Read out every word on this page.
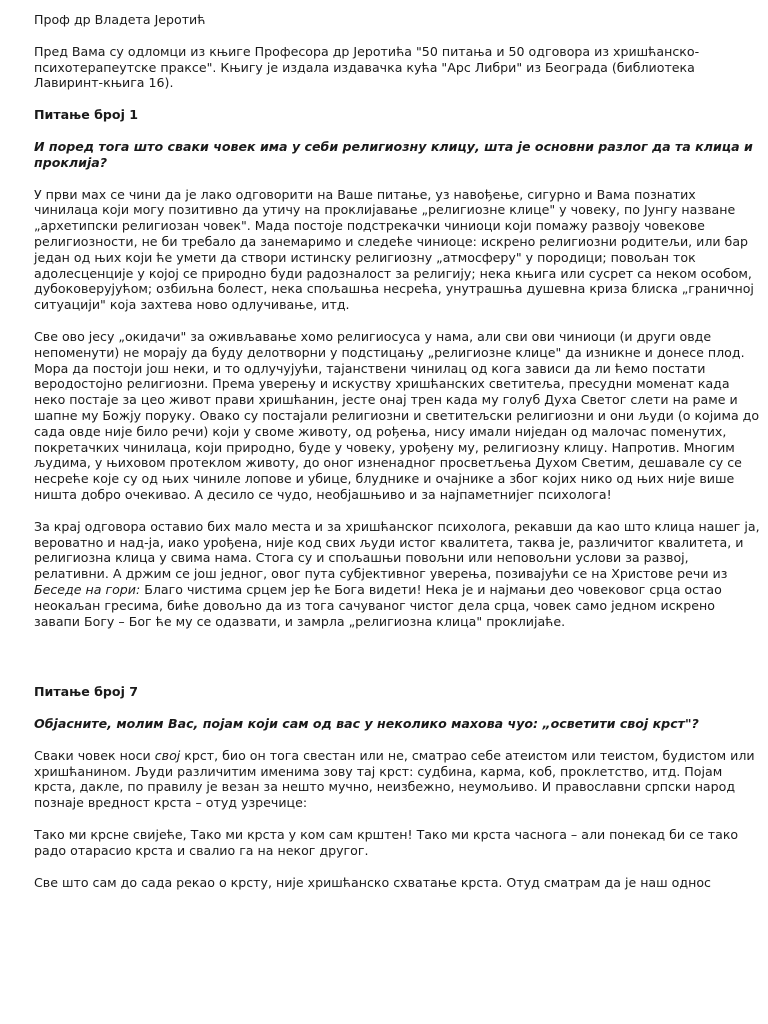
Проф др Владета Јеротић

Пред Вама су одломци из књиге Професора др Јеротића "50 питања и 50 одговора из хришћанско-психотерапеутске праксе". Књигу је издала издавачка кућа "Арс Либри" из Београда (библиотека Лавиринт-књига 16).

Питање број 1

И поред тога што сваки човек има у себи религиозну клицу, шта је основни разлог да та клица и проклија?

У први мах се чини да је лако одговорити на Ваше питање, уз навођење, сигурно и Вама познатих чинилаца који могу позитивно да утичу на проклијавање „религиозне клице" у човеку, по Јунгу назване „архетипски религиозан човек". Мада постоје подстрекачки чиниоци који помажу развоју човекове религиозности, не би требало да занемаримо и следеће чиниоце: искрено религиозни родитељи, или бар један од њих који ће умети да створи истинску религиозну „атмосферу" у породици; повољан ток адолесценције у којој се природно буди радозналост за религију; нека књига или сусрет са неком особом, дубоковерујућом; озбиљна болест, нека спољашња несрећа, унутрашња душевна криза блиска „граничној ситуацији" која захтева ново одлучивање, итд.

Све ово јесу „окидачи" за оживљавање хомо религиосуса у нама, али сви ови чиниоци (и други овде непоменути) не морају да буду делотворни у подстицању „религиозне клице" да изникне и донесе плод. Мора да постоји још неки, и то одлучујући, тајанствени чинилац од кога зависи да ли ћемо постати веродостојно религиозни. Према уверењу и искуству хришћанских светитеља, пресудни моменат када неко постаје за цео живот прави хришћанин, јесте онај трен када му голуб Духа Светог слети на раме и шапне му Божју поруку. Овако су постајали религиозни и светитељски религиозни и они људи (о којима до сада овде није било речи) који у своме животу, од рођења, нису имали ниједан од малочас поменутих, покретачких чинилаца, који природно, буде у човеку, урођену му, религиозну клицу. Напротив. Многим људима, у њиховом протеклом животу, до оног изненадног просветљења Духом Светим, дешавале су се несреће које су од њих чиниле лопове и убице, блуднике и очајнике а због којих нико од њих није више ништа добро очекивао. А десило се чудо, необјашњиво и за најпаметнијег психолога!

За крај одговора оставио бих мало места и за хришћанског психолога, рекавши да као што клица нашег ја, вероватно и над-ја, иако урођена, није код свих људи истог квалитета, таква је, различитог квалитета, и религиозна клица у свима нама. Стога су и спољашњи повољни или неповољни услови за развој, релативни. А држим се још једног, овог пута субјективног уверења, позивајући се на Христове речи из Беседе на гори: Благо чистима срцем јер ће Бога видети! Нека је и најмањи део човековог срца остао неокаљан гресима, биће довољно да из тога сачуваног чистог дела срца, човек само једном искрено завапи Богу – Бог ће му се одазвати, и замрла „религиозна клица" проклијаће.

Питање број 7

Објасните, молим Вас, појам који сам од вас у неколико махова чуо: „осветити свој крст"?

Сваки човек носи свој крст, био он тога свестан или не, сматрао себе атеистом или теистом, будистом или хришћанином. Људи различитим именима зову тај крст: судбина, карма, коб, проклетство, итд. Појам крста, дакле, по правилу је везан за нешто мучно, неизбежно, неумољиво. И православни српски народ познаје вредност крста – отуд узречице:

Тако ми крсне свијеће, Тако ми крста у ком сам крштен! Тако ми крста часнога – али понекад би се тако радо отарасио крста и свалио га на неког другог.

Све што сам до сада рекао о крсту, није хришћанско схватање крста. Отуд сматрам да је наш однос
